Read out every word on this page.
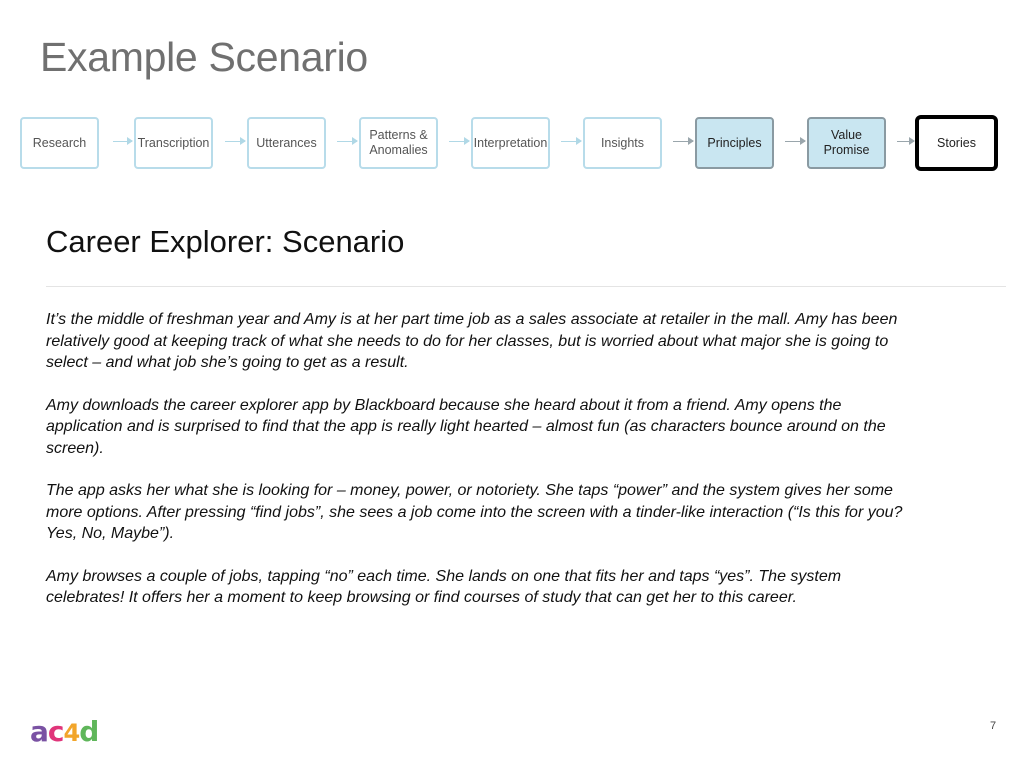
Example Scenario
Research	Transcription	Utterances
Patterns & Anomalies
Interpretation	Insights	Principles
Value Promise
Stories
Career Explorer: Scenario

It’s the middle of freshman year and Amy is at her part time job as a sales associate at retailer in the mall. Amy has been relatively good at keeping track of what she needs to do for her classes, but is worried about what major she is going to select – and what job she’s going to get as a result.

Amy downloads the career explorer app by Blackboard because she heard about it from a friend. Amy opens the application and is surprised to find that the app is really light hearted – almost fun (as characters bounce around on the screen).

The app asks her what she is looking for – money, power, or notoriety. She taps “power” and the system gives her some more options. After pressing “find jobs”, she sees a job come into the screen with a tinder-like interaction (“Is this for you? Yes, No, Maybe”).

Amy browses a couple of jobs, tapping “no” each time. She lands on one that fits her and taps “yes”. The system celebrates! It offers her a moment to keep browsing or find courses of study that can get her to this career.

ac4d	7
